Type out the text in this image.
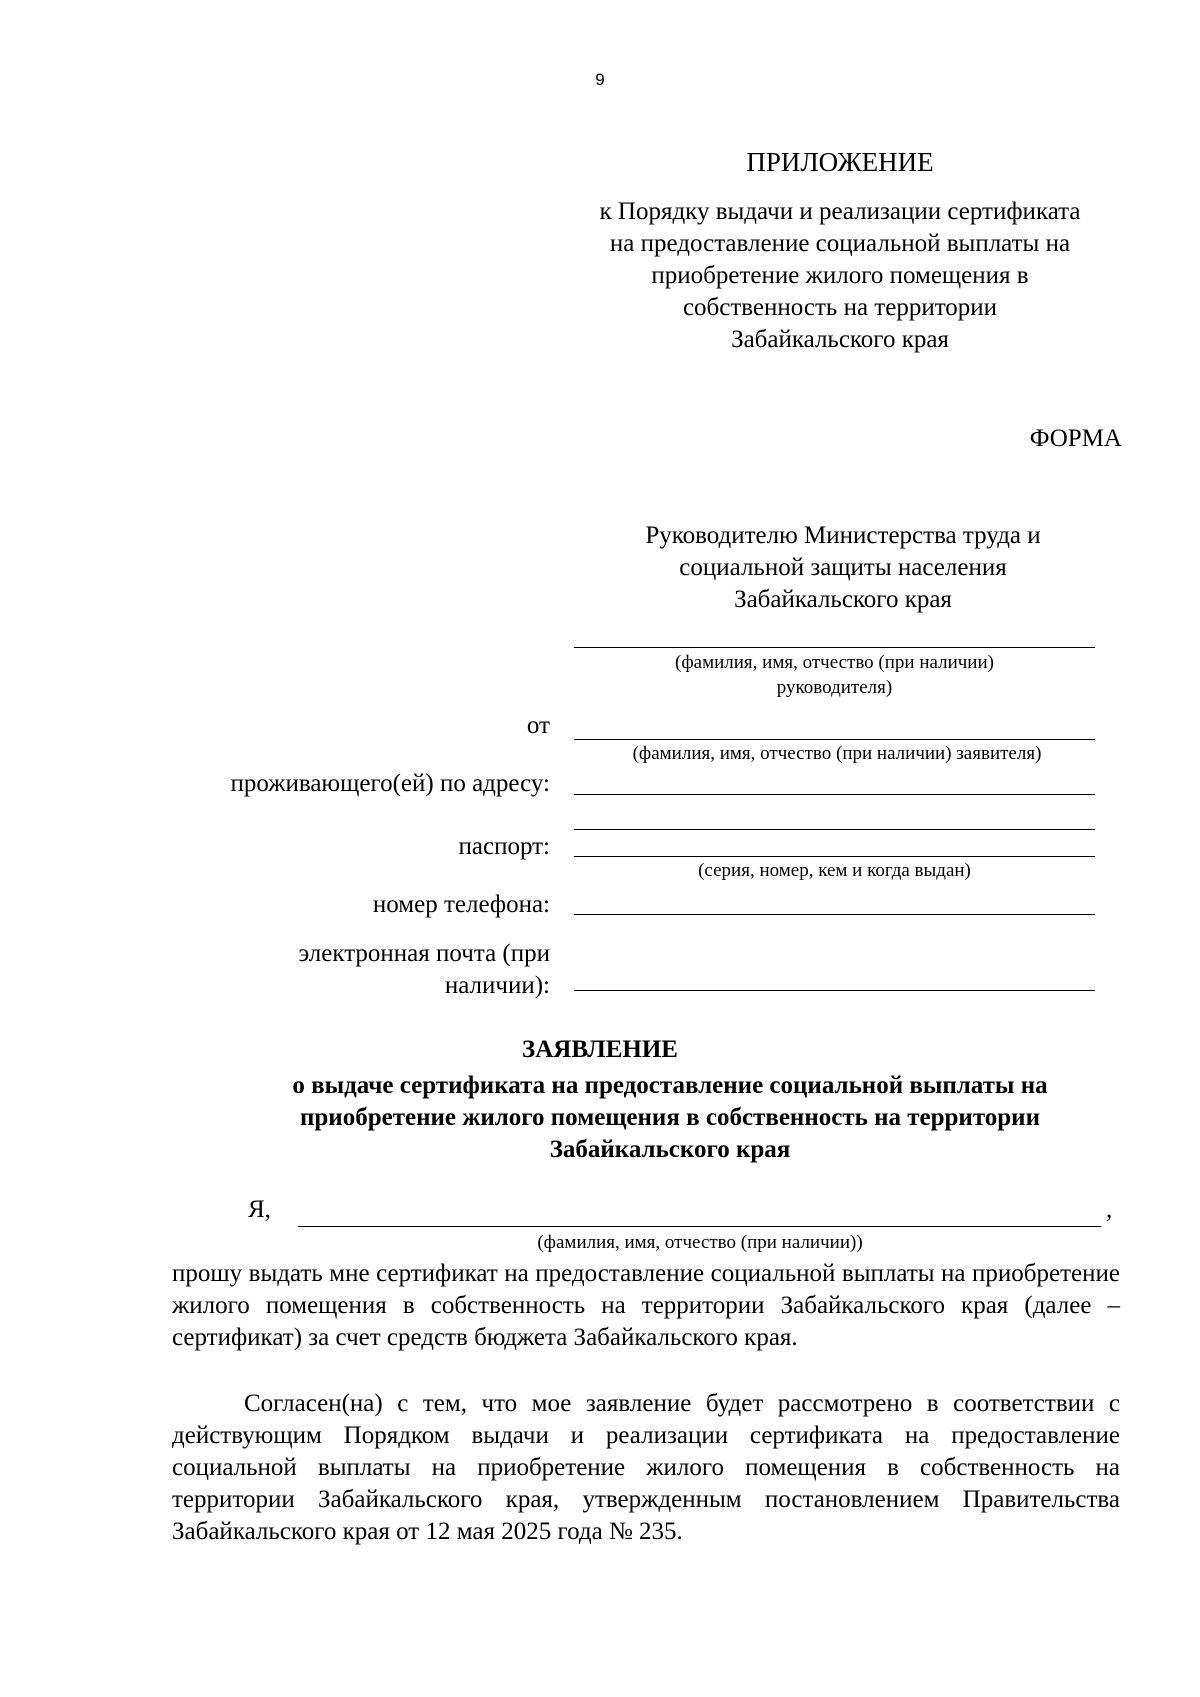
9
ПРИЛОЖЕНИЕ
к Порядку выдачи и реализации сертификата
на предоставление социальной выплаты на
приобретение жилого помещения в
собственность на территории
Забайкальского края
ФОРМА
Руководителю Министерства труда и
социальной защиты населения
Забайкальского края
(фамилия, имя, отчество (при наличии)
руководителя)
от
(фамилия, имя, отчество (при наличии) заявителя)
проживающего(ей) по адресу:
паспорт:
(серия, номер, кем и когда выдан)
номер телефона:
электронная почта (при
наличии):
ЗАЯВЛЕНИЕ
о выдаче сертификата на предоставление социальной выплаты на
приобретение жилого помещения в собственность на территории
Забайкальского края
Я,	,
(фамилия, имя, отчество (при наличии))
прошу выдать мне сертификат на предоставление социальной выплаты на приобретение жилого помещения в собственность на территории Забайкальского края (далее – сертификат) за счет средств бюджета Забайкальского края.
Согласен(на) с тем, что мое заявление будет рассмотрено в соответствии с действующим Порядком выдачи и реализации сертификата на предоставление социальной выплаты на приобретение жилого помещения в собственность на территории Забайкальского края, утвержденным постановлением Правительства Забайкальского края от 12 мая 2025 года № 235.
